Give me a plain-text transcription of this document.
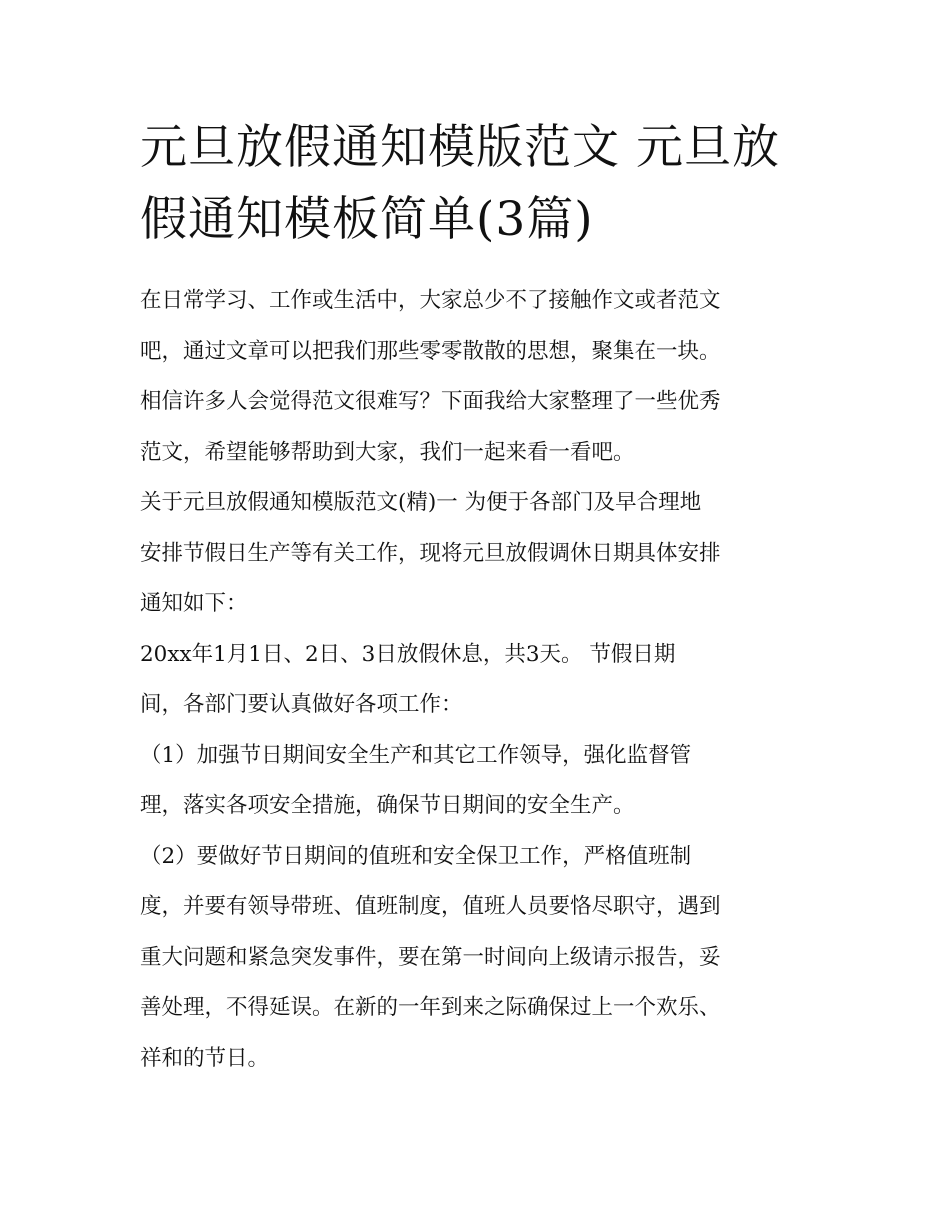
元旦放假通知模版范文 元旦放
假通知模板简单(3篇)
在日常学习、工作或生活中，大家总少不了接触作文或者范文
吧，通过文章可以把我们那些零零散散的思想，聚集在一块。
相信许多人会觉得范文很难写？下面我给大家整理了一些优秀
范文，希望能够帮助到大家，我们一起来看一看吧。
关于元旦放假通知模版范文(精)一 为便于各部门及早合理地
安排节假日生产等有关工作，现将元旦放假调休日期具体安排
通知如下：
20xx年1月1日、2日、3日放假休息，共3天。 节假日期
间，各部门要认真做好各项工作：
（1）加强节日期间安全生产和其它工作领导，强化监督管
理，落实各项安全措施，确保节日期间的安全生产。
（2）要做好节日期间的值班和安全保卫工作，严格值班制
度，并要有领导带班、值班制度，值班人员要恪尽职守，遇到
重大问题和紧急突发事件，要在第一时间向上级请示报告，妥
善处理，不得延误。在新的一年到来之际确保过上一个欢乐、
祥和的节日。
